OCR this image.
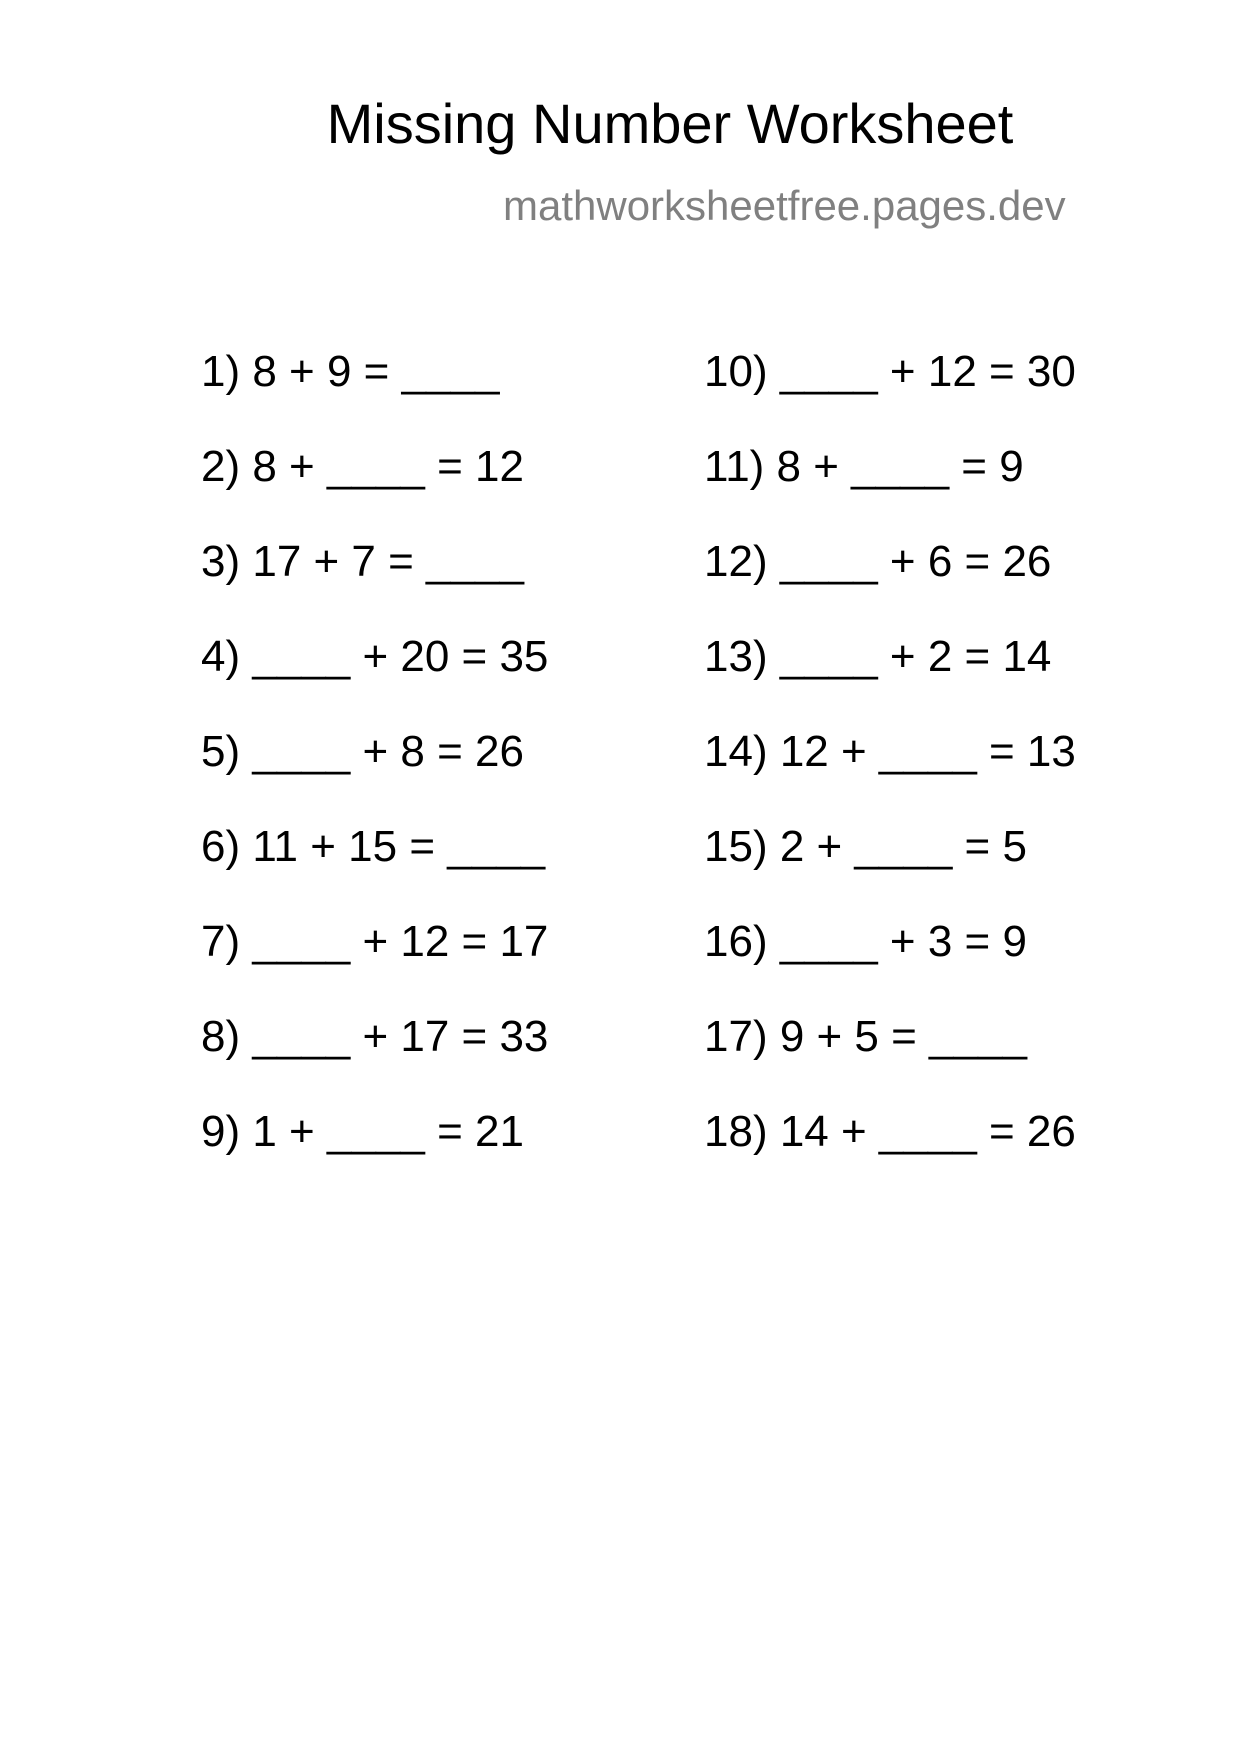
Missing Number Worksheet
mathworksheetfree.pages.dev
1) 8 + 9 = ____
2) 8 + ____ = 12
3) 17 + 7 = ____
4) ____ + 20 = 35
5) ____ + 8 = 26
6) 11 + 15 = ____
7) ____ + 12 = 17
8) ____ + 17 = 33
9) 1 + ____ = 21
10) ____ + 12 = 30
11) 8 + ____ = 9
12) ____ + 6 = 26
13) ____ + 2 = 14
14) 12 + ____ = 13
15) 2 + ____ = 5
16) ____ + 3 = 9
17) 9 + 5 = ____
18) 14 + ____ = 26
